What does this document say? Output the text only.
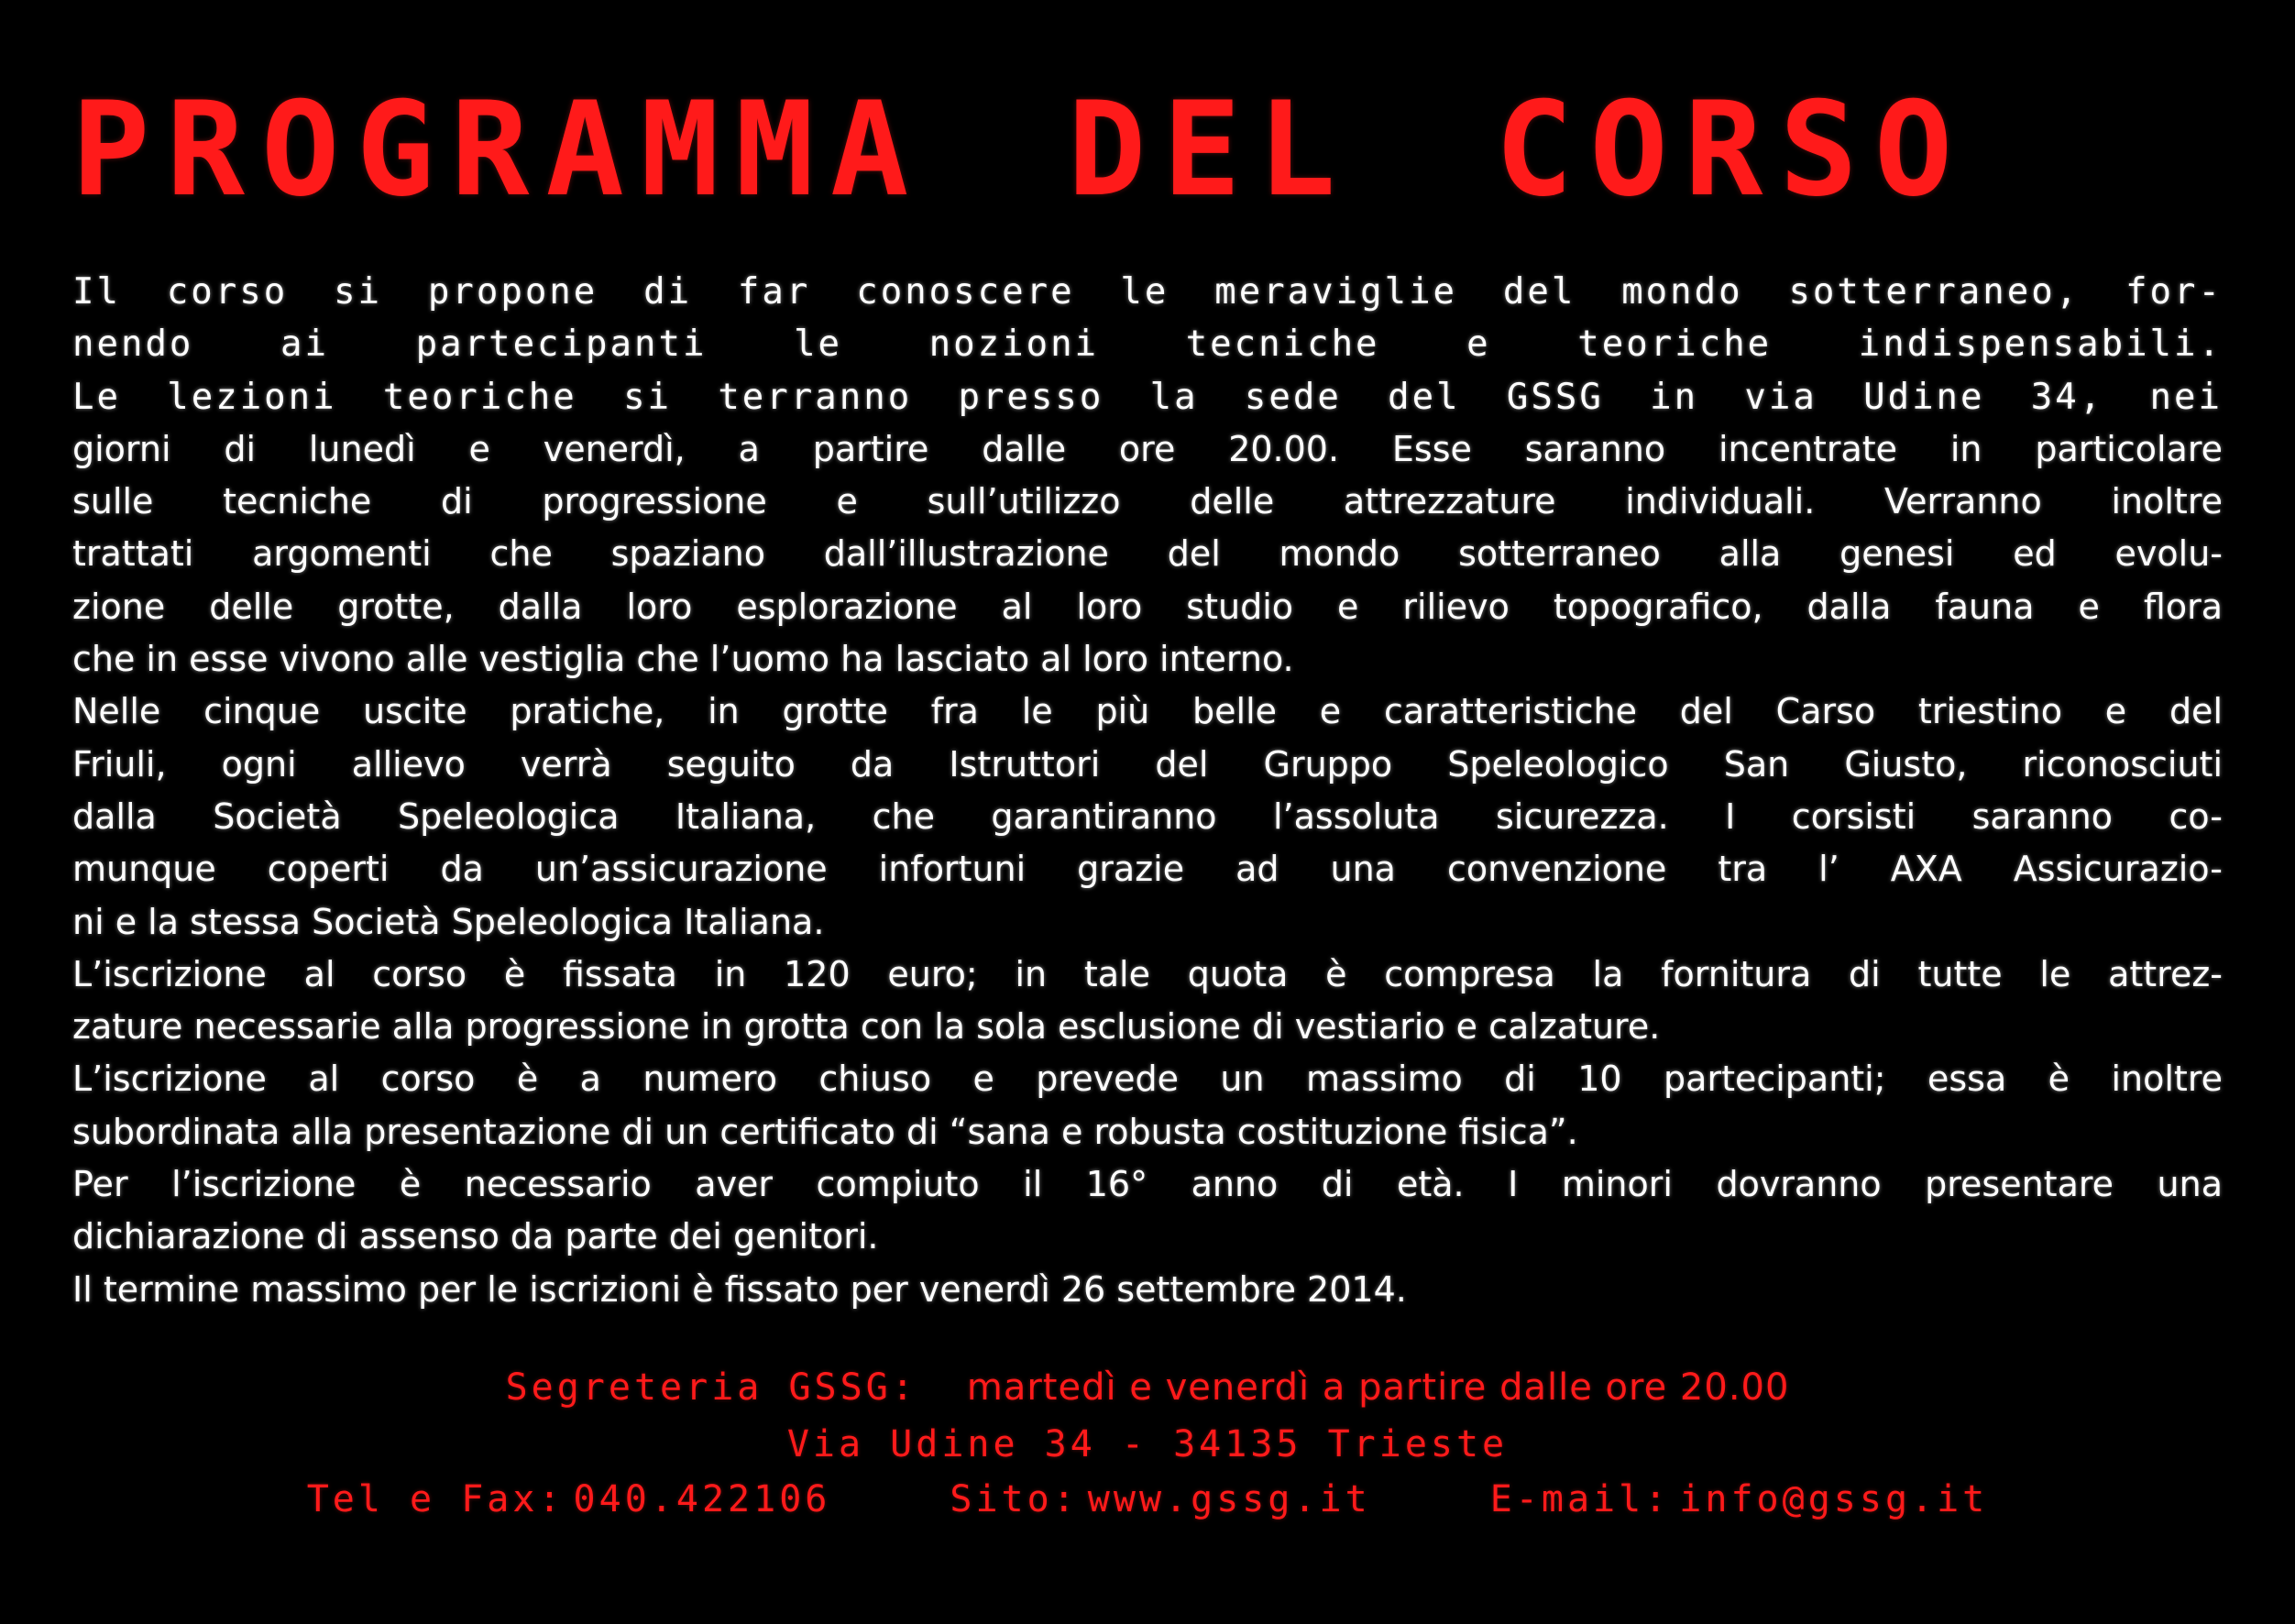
PROGRAMMA DEL CORSO
Il corso si propone di far conoscere le meraviglie del mondo sotterraneo, for-
nendo ai partecipanti le nozioni tecniche e teoriche indispensabili.
Le lezioni teoriche si terranno presso la sede del GSSG in via Udine 34, nei
giorni di lunedì e venerdì, a partire dalle ore 20.00. Esse saranno incentrate in particolare
sulle tecniche di progressione e sull’utilizzo delle attrezzature individuali. Verranno inoltre
trattati argomenti che spaziano dall’illustrazione del mondo sotterraneo alla genesi ed evolu-
zione delle grotte, dalla loro esplorazione al loro studio e rilievo topografico, dalla fauna e flora
che in esse vivono alle vestiglia che l’uomo ha lasciato al loro interno.
Nelle cinque uscite pratiche, in grotte fra le più belle e caratteristiche del Carso triestino e del
Friuli, ogni allievo verrà seguito da Istruttori del Gruppo Speleologico San Giusto, riconosciuti
dalla Società Speleologica Italiana, che garantiranno l’assoluta sicurezza. I corsisti saranno co-
munque coperti da un’assicurazione infortuni grazie ad una convenzione tra l’ AXA Assicurazio-
ni e la stessa Società Speleologica Italiana.
L’iscrizione al corso è fissata in 120 euro; in tale quota è compresa la fornitura di tutte le attrez-
zature necessarie alla progressione in grotta con la sola esclusione di vestiario e calzature.
L’iscrizione al corso è a numero chiuso e prevede un massimo di 10 partecipanti; essa è inoltre
subordinata alla presentazione di un certificato di “sana e robusta costituzione fisica”.
Per l’iscrizione è necessario aver compiuto il 16° anno di età. I minori dovranno presentare una
dichiarazione di assenso da parte dei genitori.
Il termine massimo per le iscrizioni è fissato per venerdì 26 settembre 2014.
Segreteria GSSG: martedì e venerdì a partire dalle ore 20.00
Via Udine 34 - 34135 Trieste
Tel e Fax: 040.422106	Sito: www.gssg.it	E-mail: info@gssg.it
